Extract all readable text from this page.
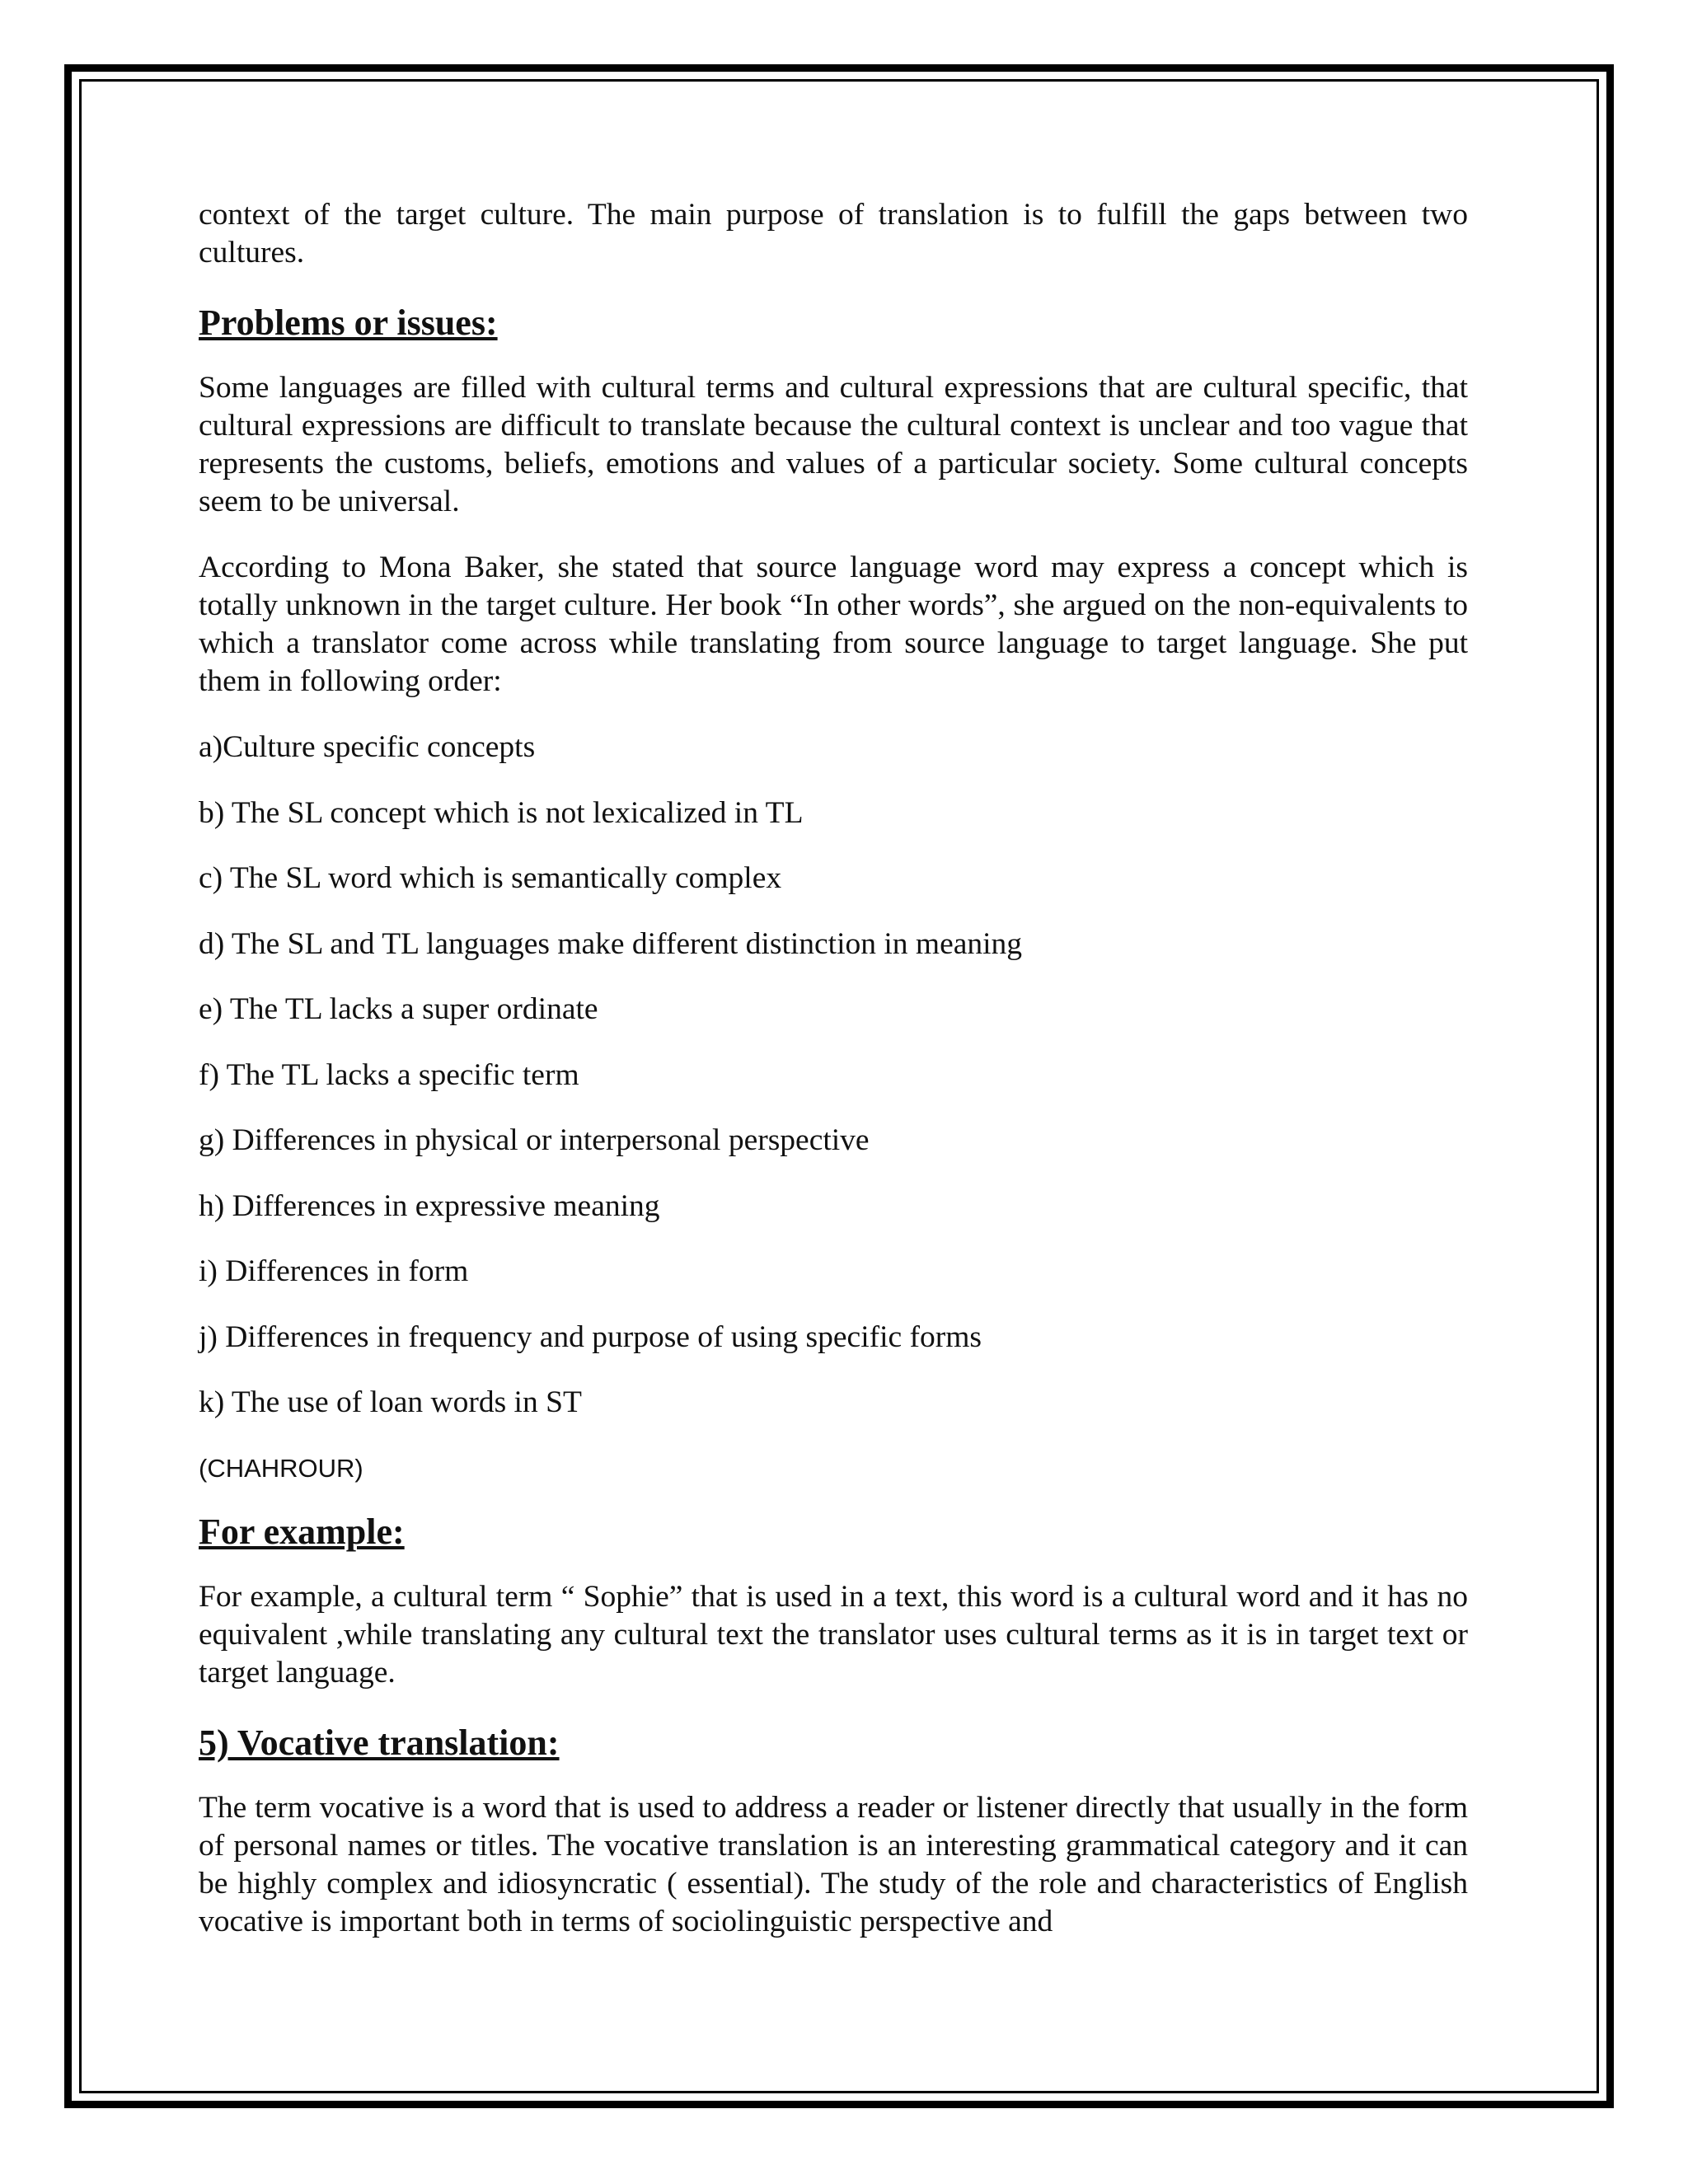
context of the target culture. The main purpose of translation is to fulfill the gaps between two cultures.

Problems or issues:

Some languages are filled with cultural terms and cultural expressions that are cultural specific, that cultural expressions are difficult to translate because the cultural context is unclear and too vague that represents the customs, beliefs, emotions and values of a particular society. Some cultural concepts seem to be universal.

According to Mona Baker, she stated that source language word may express a concept which is totally unknown in the target culture. Her book “In other words”, she argued on the non-equivalents to which a translator come across while translating from source language to target language. She put them in following order:

a)Culture specific concepts

b) The SL concept which is not lexicalized in TL

c) The SL word which is semantically complex

d) The SL and TL languages make different distinction in meaning

e) The TL lacks a super ordinate

f) The TL lacks a specific term

g) Differences in physical or interpersonal perspective

h) Differences in expressive meaning

i) Differences in form

j) Differences in frequency and purpose of using specific forms

k) The use of loan words in ST

(CHAHROUR)

For example:

For example, a cultural term “ Sophie” that is used in a text, this word is a cultural word and it has no equivalent ,while translating any cultural text the translator uses cultural terms as it is in target text or target language.

5) Vocative translation:

The term vocative is a word that is used to address a reader or listener directly that usually in the form of personal names or titles. The vocative translation is an interesting grammatical category and it can be highly complex and idiosyncratic ( essential). The study of the role and characteristics of English vocative is important both in terms of sociolinguistic perspective and
